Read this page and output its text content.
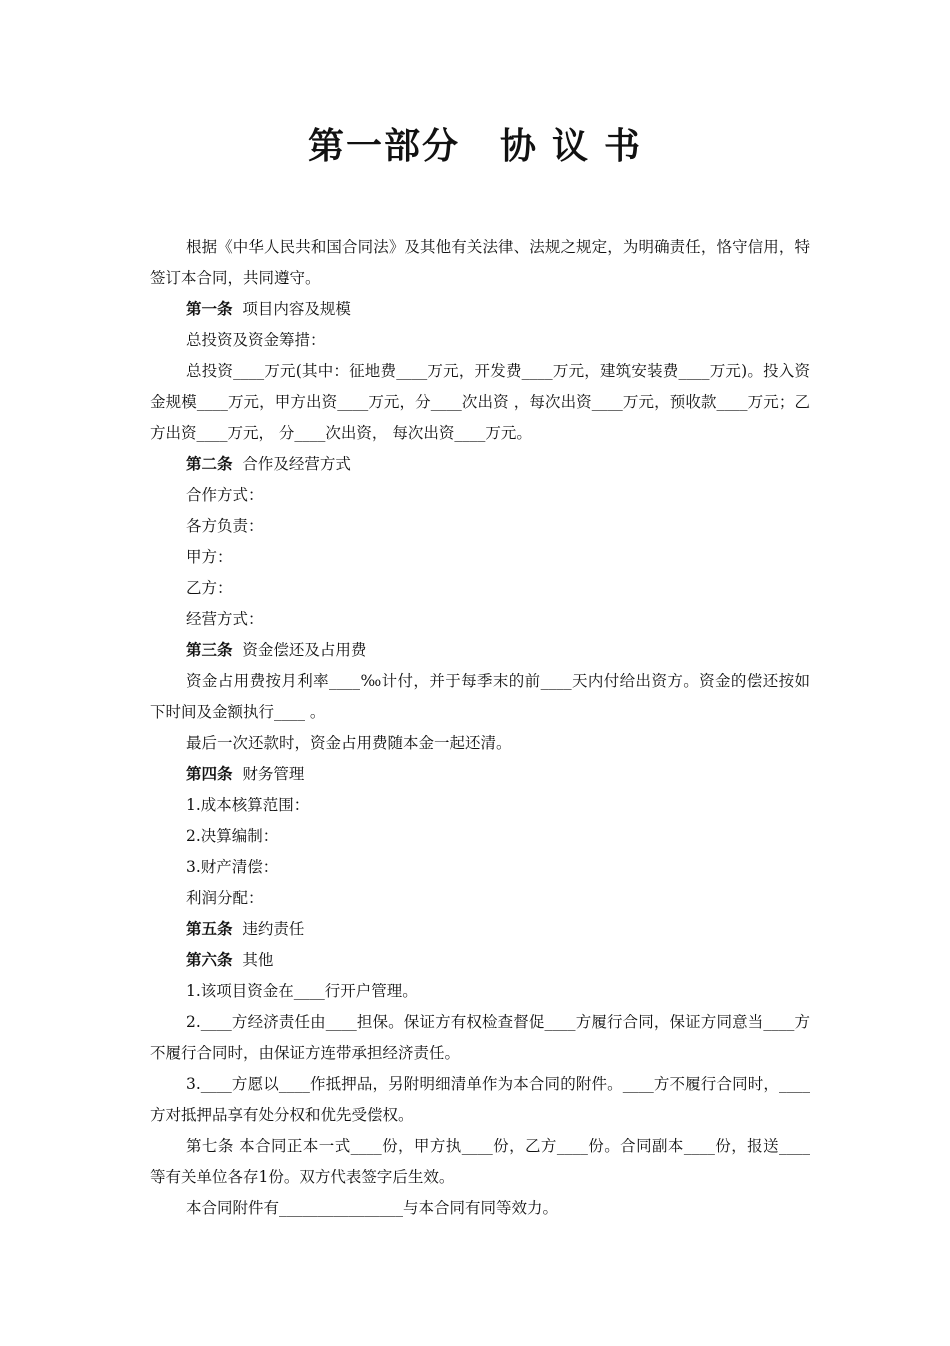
第一部分 协 议 书

根据《中华人民共和国合同法》及其他有关法律、法规之规定，为明确责任，恪守信用，特签订本合同，共同遵守。

第一条 项目内容及规模

总投资及资金筹措：

总投资____万元(其中：征地费____万元，开发费____万元，建筑安装费____万元)。投入资金规模____万元，甲方出资____万元，分____次出资 ，每次出资____万元，预收款____万元；乙方出资____万元， 分____次出资， 每次出资____万元。

第二条 合作及经营方式

合作方式：

各方负责：

甲方：

乙方：

经营方式：

第三条 资金偿还及占用费

资金占用费按月利率____‰计付，并于每季末的前____天内付给出资方。资金的偿还按如下时间及金额执行____ 。

最后一次还款时，资金占用费随本金一起还清。

第四条 财务管理

1.成本核算范围：

2.决算编制：

3.财产清偿：

利润分配：

第五条 违约责任

第六条 其他

1.该项目资金在____行开户管理。

2.____方经济责任由____担保。保证方有权检查督促____方履行合同，保证方同意当____方不履行合同时，由保证方连带承担经济责任。

3.____方愿以____作抵押品，另附明细清单作为本合同的附件。____方不履行合同时，____方对抵押品享有处分权和优先受偿权。

第七条 本合同正本一式____份，甲方执____份，乙方____份。合同副本____份，报送____等有关单位各存1份。双方代表签字后生效。

本合同附件有________________与本合同有同等效力。
